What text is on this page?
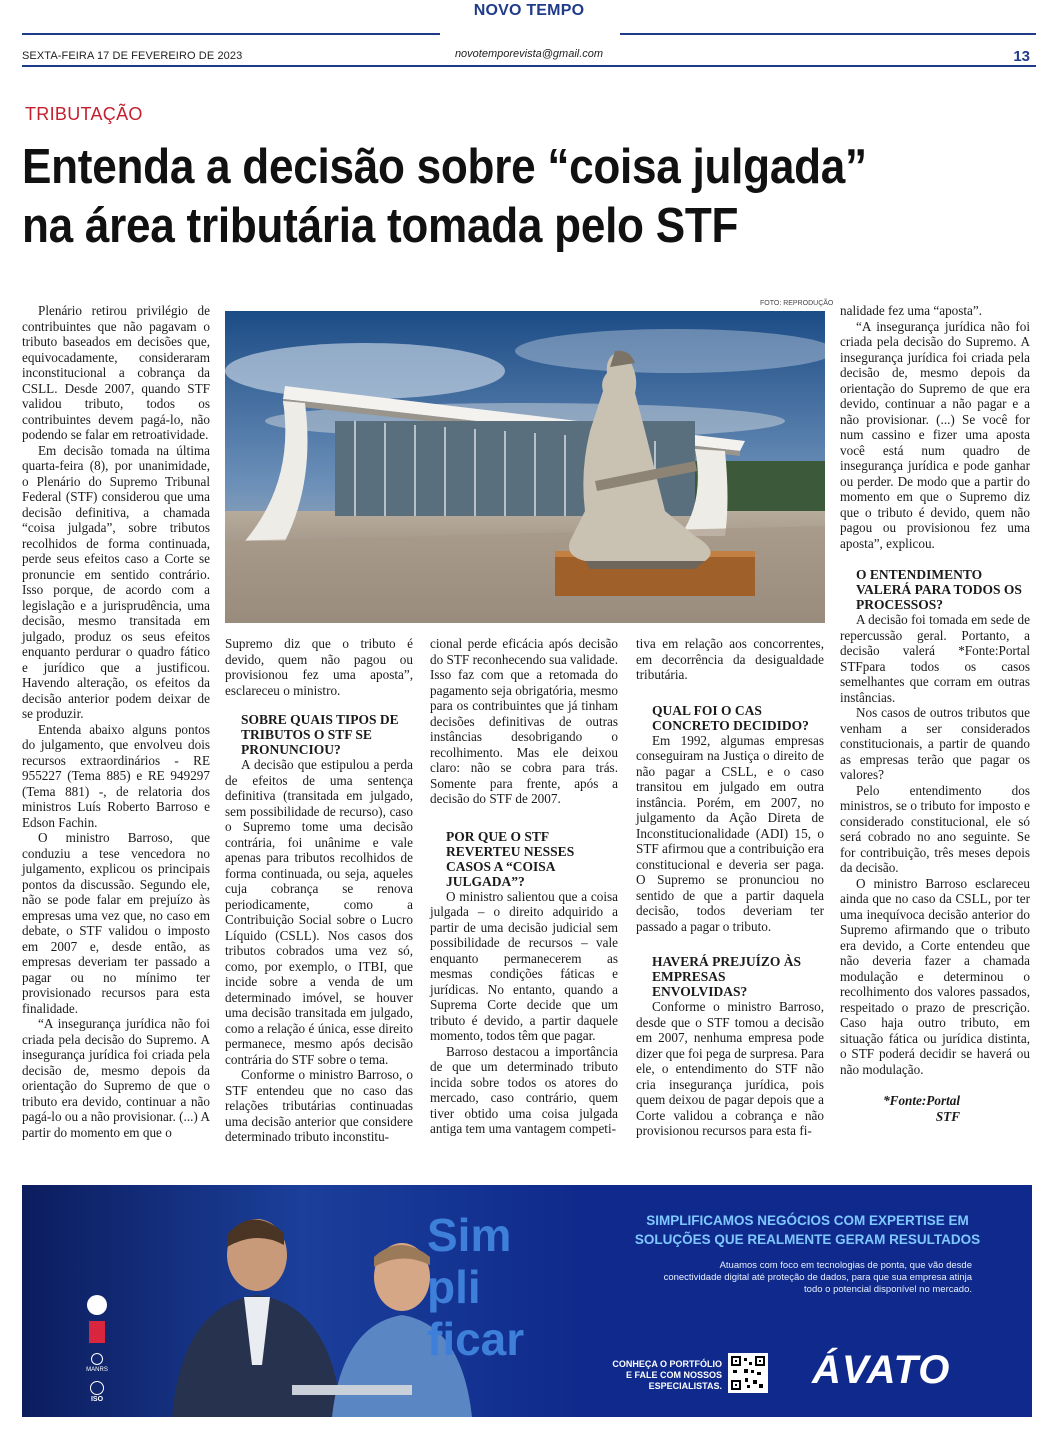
NOVO TEMPO
SEXTA-FEIRA 17 DE FEVEREIRO DE 2023	novotemporevista@gmail.com	13
TRIBUTAÇÃO
Entenda a decisão sobre “coisa julgada”
na área tributária tomada pelo STF
FOTO: REPRODUÇÃO

Plenário retirou privilégio de contribuintes que não pagavam o tributo baseados em decisões que, equivocadamente, consideraram inconstitucional a cobrança da CSLL. Desde 2007, quando STF validou tributo, todos os contribuintes devem pagá-lo, não podendo se falar em retroatividade.

Em decisão tomada na última quarta-feira (8), por unanimidade, o Plenário do Supremo Tribunal Federal (STF) considerou que uma decisão definitiva, a chamada “coisa julgada”, sobre tributos recolhidos de forma continuada, perde seus efeitos caso a Corte se pronuncie em sentido contrário. Isso porque, de acordo com a legislação e a jurisprudência, uma decisão, mesmo transitada em julgado, produz os seus efeitos enquanto perdurar o quadro fático e jurídico que a justificou. Havendo alteração, os efeitos da decisão anterior podem deixar de se produzir.

Entenda abaixo alguns pontos do julgamento, que envolveu dois recursos extraordinários - RE 955227 (Tema 885) e RE 949297 (Tema 881) -, de relatoria dos ministros Luís Roberto Barroso e Edson Fachin.

O ministro Barroso, que conduziu a tese vencedora no julgamento, explicou os principais pontos da discussão. Segundo ele, não se pode falar em prejuízo às empresas uma vez que, no caso em debate, o STF validou o imposto em 2007 e, desde então, as empresas deveriam ter passado a pagar ou no mínimo ter provisionado recursos para esta finalidade.

“A insegurança jurídica não foi criada pela decisão do Supremo. A insegurança jurídica foi criada pela decisão de, mesmo depois da orientação do Supremo de que o tributo era devido, continuar a não pagá-lo ou a não provisionar. (...) A partir do momento em que o

Supremo diz que o tributo é devido, quem não pagou ou provisionou fez uma aposta”, esclareceu o ministro.

SOBRE QUAIS TIPOS DE TRIBUTOS O STF SE PRONUNCIOU?

A decisão que estipulou a perda de efeitos de uma sentença definitiva (transitada em julgado, sem possibilidade de recurso), caso o Supremo tome uma decisão contrária, foi unânime e vale apenas para tributos recolhidos de forma continuada, ou seja, aqueles cuja cobrança se renova periodicamente, como a Contribuição Social sobre o Lucro Líquido (CSLL). Nos casos dos tributos cobrados uma vez só, como, por exemplo, o ITBI, que incide sobre a venda de um determinado imóvel, se houver uma decisão transitada em julgado, como a relação é única, esse direito permanece, mesmo após decisão contrária do STF sobre o tema.

Conforme o ministro Barroso, o STF entendeu que no caso das relações tributárias continuadas uma decisão anterior que considere determinado tributo inconstitu-

cional perde eficácia após decisão do STF reconhecendo sua validade. Isso faz com que a retomada do pagamento seja obrigatória, mesmo para os contribuintes que já tinham decisões definitivas de outras instâncias desobrigando o recolhimento. Mas ele deixou claro: não se cobra para trás. Somente para frente, após a decisão do STF de 2007.

POR QUE O STF REVERTEU NESSES CASOS A “COISA JULGADA”?

O ministro salientou que a coisa julgada – o direito adquirido a partir de uma decisão judicial sem possibilidade de recursos – vale enquanto permanecerem as mesmas condições fáticas e jurídicas. No entanto, quando a Suprema Corte decide que um tributo é devido, a partir daquele momento, todos têm que pagar.

Barroso destacou a importância de que um determinado tributo incida sobre todos os atores do mercado, caso contrário, quem tiver obtido uma coisa julgada antiga tem uma vantagem competi-

tiva em relação aos concorrentes, em decorrência da desigualdade tributária.

QUAL FOI O CAS CONCRETO DECIDIDO?

Em 1992, algumas empresas conseguiram na Justiça o direito de não pagar a CSLL, e o caso transitou em julgado em outra instância. Porém, em 2007, no julgamento da Ação Direta de Inconstitucionalidade (ADI) 15, o STF afirmou que a contribuição era constitucional e deveria ser paga. O Supremo se pronunciou no sentido de que a partir daquela decisão, todos deveriam ter passado a pagar o tributo.

HAVERÁ PREJUÍZO ÀS EMPRESAS ENVOLVIDAS?

Conforme o ministro Barroso, desde que o STF tomou a decisão em 2007, nenhuma empresa pode dizer que foi pega de surpresa. Para ele, o entendimento do STF não cria insegurança jurídica, pois quem deixou de pagar depois que a Corte validou a cobrança e não provisionou recursos para esta fi-

nalidade fez uma “aposta”.

“A insegurança jurídica não foi criada pela decisão do Supremo. A insegurança jurídica foi criada pela decisão de, mesmo depois da orientação do Supremo de que era devido, continuar a não pagar e a não provisionar. (...) Se você for num cassino e fizer uma aposta você está num quadro de insegurança jurídica e pode ganhar ou perder. De modo que a partir do momento em que o Supremo diz que o tributo é devido, quem não pagou ou provisionou fez uma aposta”, explicou.

O ENTENDIMENTO VALERÁ PARA TODOS OS PROCESSOS?

A decisão foi tomada em sede de repercussão geral. Portanto, a decisão valerá *Fonte:Portal STFpara todos os casos semelhantes que corram em outras instâncias.

Nos casos de outros tributos que venham a ser considerados constitucionais, a partir de quando as empresas terão que pagar os valores?

Pelo entendimento dos ministros, se o tributo for imposto e considerado constitucional, ele só será cobrado no ano seguinte. Se for contribuição, três meses depois da decisão.

O ministro Barroso esclareceu ainda que no caso da CSLL, por ter uma inequívoca decisão anterior do Supremo afirmando que o tributo era devido, a Corte entendeu que não deveria fazer a chamada modulação e determinou o recolhimento dos valores passados, respeitado o prazo de prescrição. Caso haja outro tributo, em situação fática ou jurídica distinta, o STF poderá decidir se haverá ou não modulação.

*Fonte:Portal STF

Sim
pli
ficar
MANRS
ISO
SIMPLIFICAMOS NEGÓCIOS COM EXPERTISE EM
SOLUÇÕES QUE REALMENTE GERAM RESULTADOS
Atuamos com foco em tecnologias de ponta, que vão desde conectividade digital até proteção de dados, para que sua empresa atinja todo o potencial disponível no mercado.
CONHEÇA O PORTFÓLIO
E FALE COM NOSSOS
ESPECIALISTAS. ÁVATO
